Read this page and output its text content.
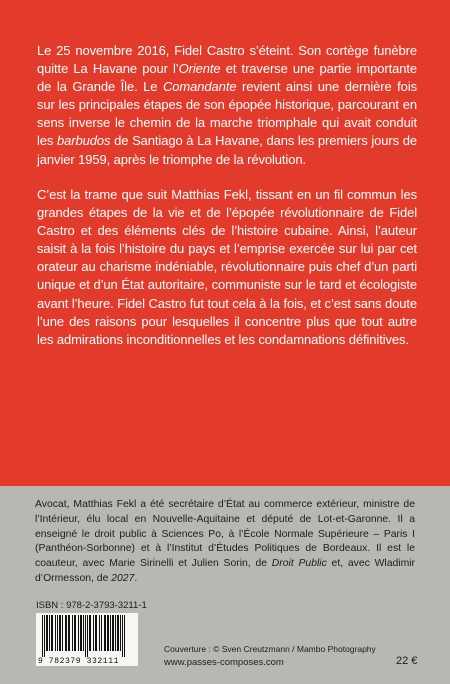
Le 25 novembre 2016, Fidel Castro s’éteint. Son cortège funèbre quitte La Havane pour l’Oriente et traverse une partie importante de la Grande Île. Le Comandante revient ainsi une dernière fois sur les principales étapes de son épopée historique, parcourant en sens inverse le chemin de la marche triomphale qui avait conduit les barbudos de Santiago à La Havane, dans les premiers jours de janvier 1959, après le triomphe de la révolution.

C’est la trame que suit Matthias Fekl, tissant en un fil commun les grandes étapes de la vie et de l’épopée révolutionnaire de Fidel Castro et des éléments clés de l’histoire cubaine. Ainsi, l’auteur saisit à la fois l’histoire du pays et l’emprise exercée sur lui par cet orateur au charisme indéniable, révolutionnaire puis chef d’un parti unique et d’un État autoritaire, communiste sur le tard et écologiste avant l’heure. Fidel Castro fut tout cela à la fois, et c’est sans doute l’une des raisons pour lesquelles il concentre plus que tout autre les admirations inconditionnelles et les condamnations définitives.

Avocat, Matthias Fekl a été secrétaire d’État au commerce extérieur, ministre de l’Intérieur, élu local en Nouvelle-Aquitaine et député de Lot-et-Garonne. Il a enseigné le droit public à Sciences Po, à l’École Normale Supérieure – Paris I (Panthéon-Sorbonne) et à l’Institut d’Études Politiques de Bordeaux. Il est le coauteur, avec Marie Sirinelli et Julien Sorin, de Droit Public et, avec Wladimir d’Ormesson, de 2027.

ISBN : 978-2-3793-3211-1
9 782379 332111
Couverture : © Sven Creutzmann / Mambo Photography
www.passes-composes.com	22 €
